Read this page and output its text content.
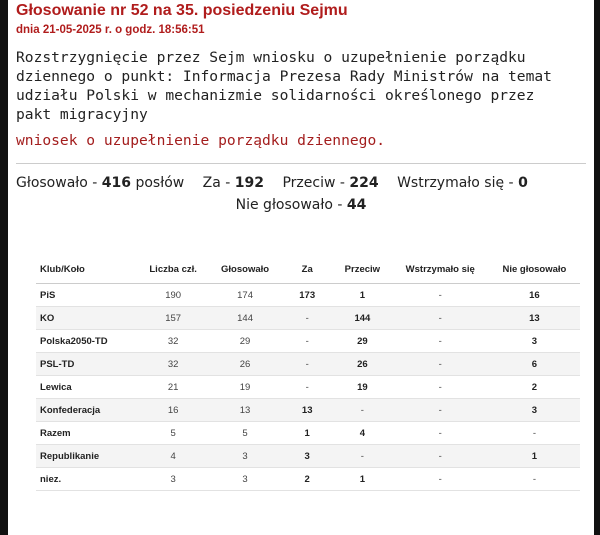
Głosowanie nr 52 na 35. posiedzeniu Sejmu
dnia 21-05-2025 r. o godz. 18:56:51
Rozstrzygnięcie przez Sejm wniosku o uzupełnienie porządku
dziennego o punkt: Informacja Prezesa Rady Ministrów na temat
udziału Polski w mechanizmie solidarności określonego przez
pakt migracyjny
wniosek o uzupełnienie porządku dziennego.
Głosowało - 416 posłów Za - 192 Przeciw - 224 Wstrzymało się - 0
Nie głosowało - 44
Klub/Koło	Liczba czł.	Głosowało	Za	Przeciw	Wstrzymało się	Nie głosowało
PiS	190	174	173	1	-	16
KO	157	144	-	144	-	13
Polska2050-TD	32	29	-	29	-	3
PSL-TD	32	26	-	26	-	6
Lewica	21	19	-	19	-	2
Konfederacja	16	13	13	-	-	3
Razem	5	5	1	4	-	-
Republikanie	4	3	3	-	-	1
niez.	3	3	2	1	-	-
